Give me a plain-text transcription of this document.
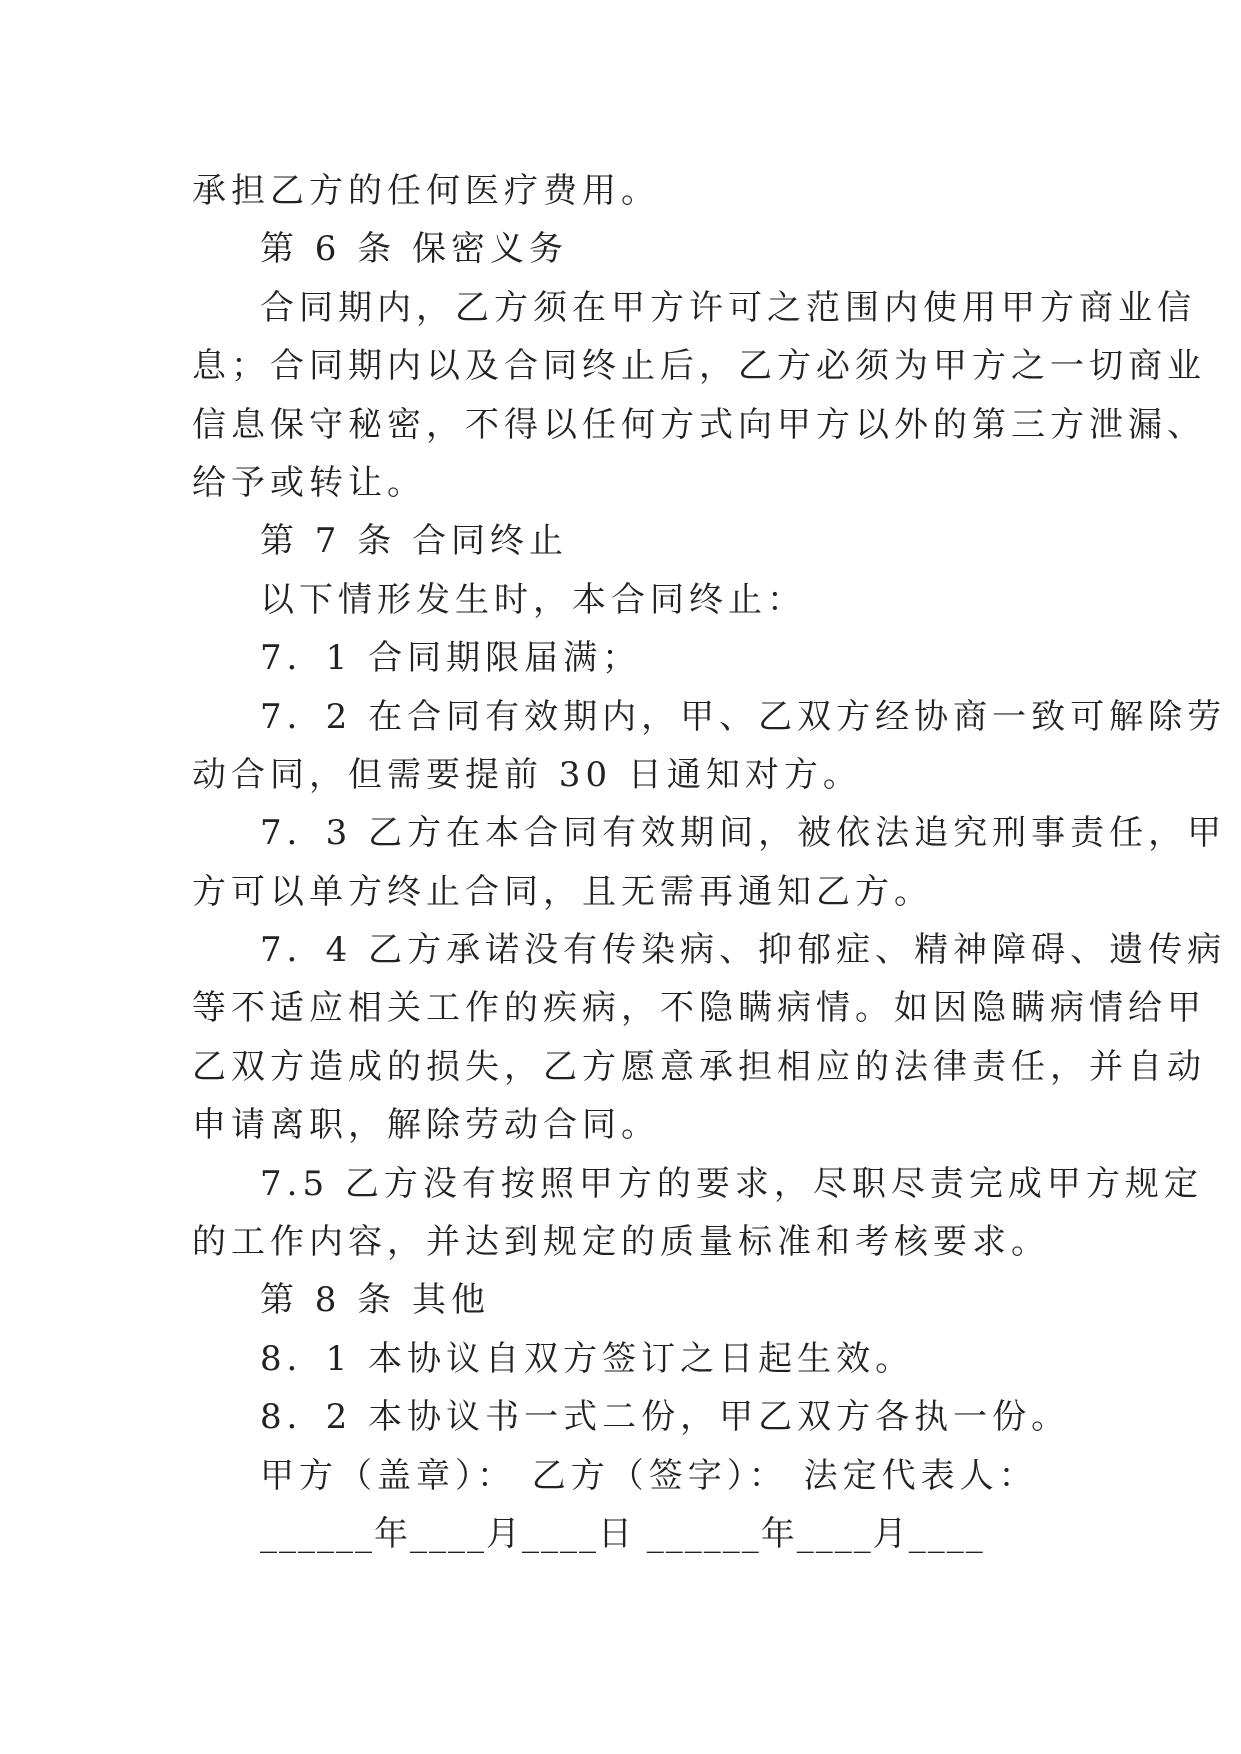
承担乙方的任何医疗费用。
第 6 条 保密义务
合同期内，乙方须在甲方许可之范围内使用甲方商业信
息；合同期内以及合同终止后，乙方必须为甲方之一切商业
信息保守秘密，不得以任何方式向甲方以外的第三方泄漏、
给予或转让。
第 7 条 合同终止
以下情形发生时，本合同终止：
7．1 合同期限届满；
7．2 在合同有效期内，甲、乙双方经协商一致可解除劳
动合同，但需要提前 30 日通知对方。
7．3 乙方在本合同有效期间，被依法追究刑事责任，甲
方可以单方终止合同，且无需再通知乙方。
7．4 乙方承诺没有传染病、抑郁症、精神障碍、遗传病
等不适应相关工作的疾病，不隐瞒病情。如因隐瞒病情给甲
乙双方造成的损失，乙方愿意承担相应的法律责任，并自动
申请离职，解除劳动合同。
7.5 乙方没有按照甲方的要求，尽职尽责完成甲方规定
的工作内容，并达到规定的质量标准和考核要求。
第 8 条 其他
8．1 本协议自双方签订之日起生效。
8．2 本协议书一式二份，甲乙双方各执一份。
甲方（盖章）： 乙方（签字）： 法定代表人：
______年____月____日 ______年____月____
